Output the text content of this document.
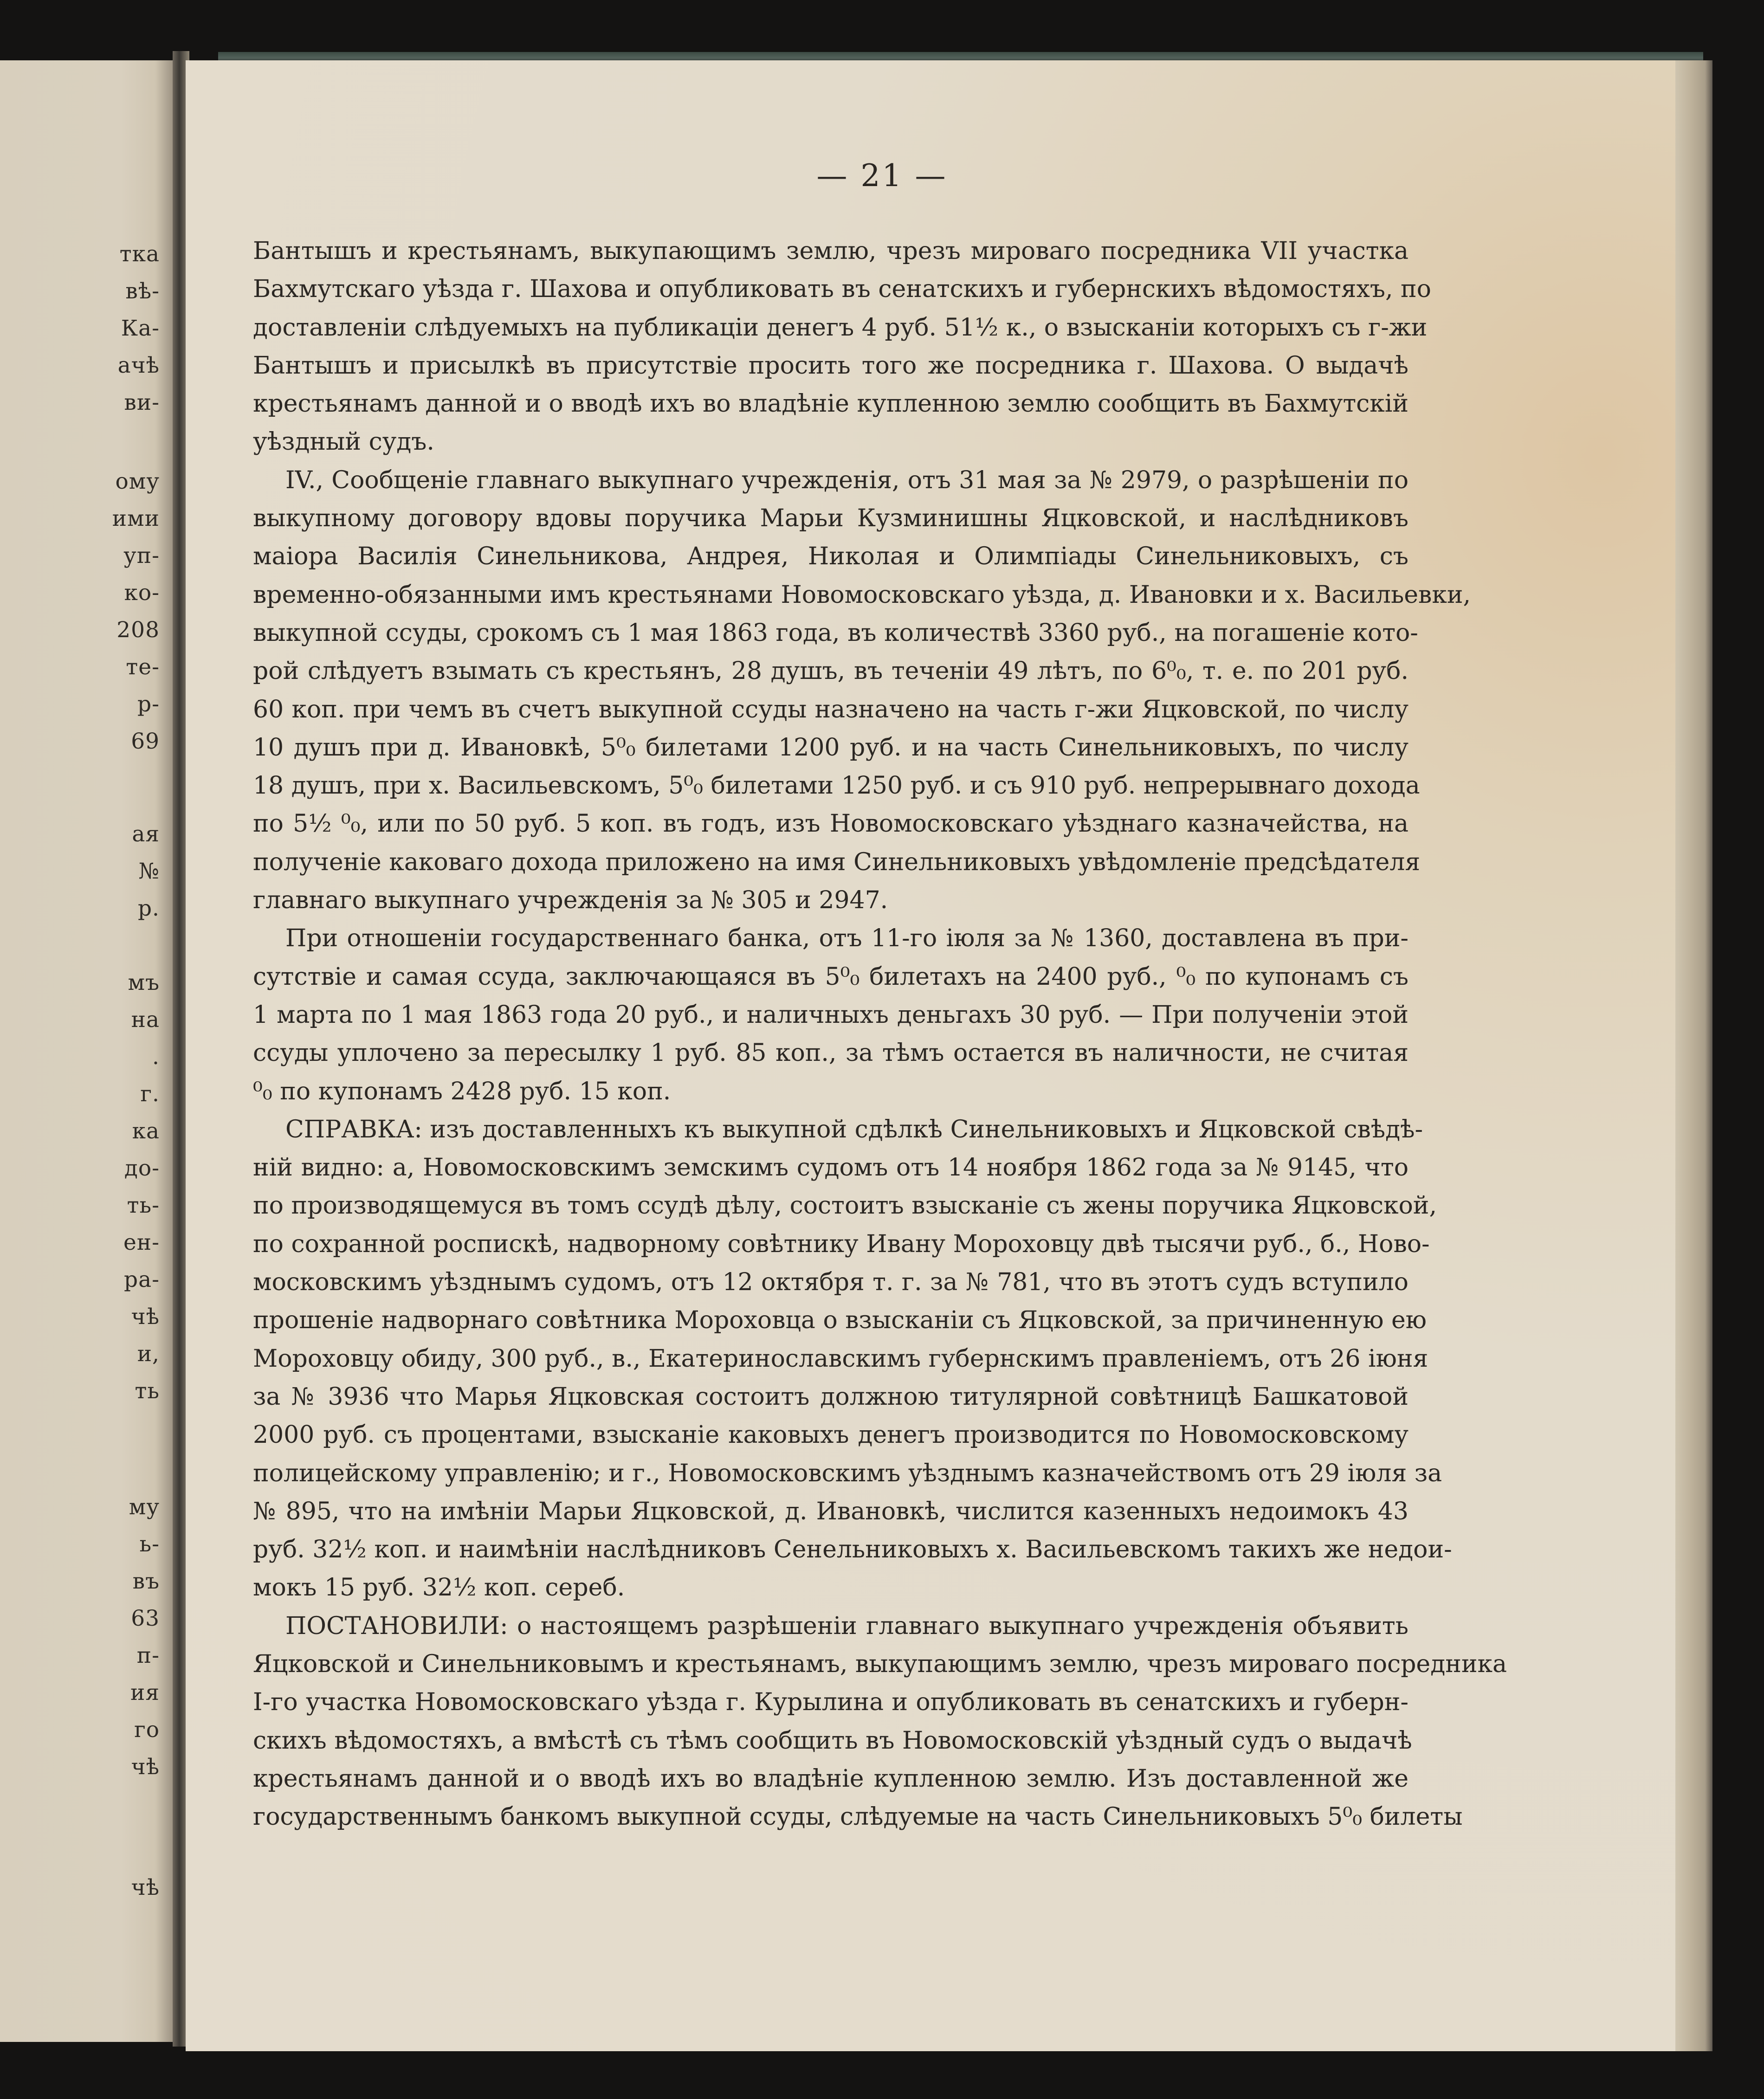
тка
вѣ-
Ка-
ачѣ
ви-
ому
ими
уп-
ко-
208
те-
р-
69
ая
№
р.
мъ
на
.
г.
ка
до-
ть-
ен-
ра-
чѣ
и,
ть
му
ь-
въ
63
п-
ия
го
чѣ
чѣ
— 21 —
Бантышъ и крестьянамъ, выкупающимъ землю, чрезъ мироваго посредника VII участка
Бахмутскаго уѣзда г. Шахова и опубликовать въ сенатскихъ и губернскихъ вѣдомостяхъ, по
доставленіи слѣдуемыхъ на публикаціи денегъ 4 руб. 51½ к., о взысканіи которыхъ съ г-жи
Бантышъ и присылкѣ въ присутствіе просить того же посредника г. Шахова. О выдачѣ
крестьянамъ данной и о вводѣ ихъ во владѣніе купленною землю сообщить въ Бахмутскій
уѣздный судъ.
IV., Сообщеніе главнаго выкупнаго учрежденія, отъ 31 мая за № 2979, о разрѣшеніи по
выкупному договору вдовы поручика Марьи Кузминишны Яцковской, и наслѣдниковъ
маіора Василія Синельникова, Андрея, Николая и Олимпіады Синельниковыхъ, съ
временно-обязанными имъ крестьянами Новомосковскаго уѣзда, д. Ивановки и х. Васильевки,
выкупной ссуды, срокомъ съ 1 мая 1863 года, въ количествѣ 3360 руб., на погашеніе кото-
рой слѣдуетъ взымать съ крестьянъ, 28 душъ, въ теченіи 49 лѣтъ, по 6⁰₀, т. е. по 201 руб.
60 коп. при чемъ въ счетъ выкупной ссуды назначено на часть г-жи Яцковской, по числу
10 душъ при д. Ивановкѣ, 5⁰₀ билетами 1200 руб. и на часть Синельниковыхъ, по числу
18 душъ, при х. Васильевскомъ, 5⁰₀ билетами 1250 руб. и съ 910 руб. непрерывнаго дохода
по 5½ ⁰₀, или по 50 руб. 5 коп. въ годъ, изъ Новомосковскаго уѣзднаго казначейства, на
полученіе каковаго дохода приложено на имя Синельниковыхъ увѣдомленіе предсѣдателя
главнаго выкупнаго учрежденія за № 305 и 2947.
При отношеніи государственнаго банка, отъ 11-го іюля за № 1360, доставлена въ при-
сутствіе и самая ссуда, заключающаяся въ 5⁰₀ билетахъ на 2400 руб., ⁰₀ по купонамъ съ
1 марта по 1 мая 1863 года 20 руб., и наличныхъ деньгахъ 30 руб. — При полученіи этой
ссуды уплочено за пересылку 1 руб. 85 коп., за тѣмъ остается въ наличности, не считая
⁰₀ по купонамъ 2428 руб. 15 коп.
СПРАВКА: изъ доставленныхъ къ выкупной сдѣлкѣ Синельниковыхъ и Яцковской свѣдѣ-
ній видно: а, Новомосковскимъ земскимъ судомъ отъ 14 ноября 1862 года за № 9145, что
по производящемуся въ томъ ссудѣ дѣлу, состоитъ взысканіе съ жены поручика Яцковской,
по сохранной роспискѣ, надворному совѣтнику Ивану Мороховцу двѣ тысячи руб., б., Ново-
московскимъ уѣзднымъ судомъ, отъ 12 октября т. г. за № 781, что въ этотъ судъ вступило
прошеніе надворнаго совѣтника Мороховца о взысканіи съ Яцковской, за причиненную ею
Мороховцу обиду, 300 руб., в., Екатеринославскимъ губернскимъ правленіемъ, отъ 26 іюня
за № 3936 что Марья Яцковская состоитъ должною титулярной совѣтницѣ Башкатовой
2000 руб. съ процентами, взысканіе каковыхъ денегъ производится по Новомосковскому
полицейскому управленію; и г., Новомосковскимъ уѣзднымъ казначействомъ отъ 29 іюля за
№ 895, что на имѣніи Марьи Яцковской, д. Ивановкѣ, числится казенныхъ недоимокъ 43
руб. 32½ коп. и наимѣніи наслѣдниковъ Сенельниковыхъ х. Васильевскомъ такихъ же недои-
мокъ 15 руб. 32½ коп. сереб.
ПОСТАНОВИЛИ: о настоящемъ разрѣшеніи главнаго выкупнаго учрежденія объявить
Яцковской и Синельниковымъ и крестьянамъ, выкупающимъ землю, чрезъ мироваго посредника
I-го участка Новомосковскаго уѣзда г. Курылина и опубликовать въ сенатскихъ и губерн-
скихъ вѣдомостяхъ, а вмѣстѣ съ тѣмъ сообщить въ Новомосковскій уѣздный судъ о выдачѣ
крестьянамъ данной и о вводѣ ихъ во владѣніе купленною землю. Изъ доставленной же
государственнымъ банкомъ выкупной ссуды, слѣдуемые на часть Синельниковыхъ 5⁰₀ билеты
